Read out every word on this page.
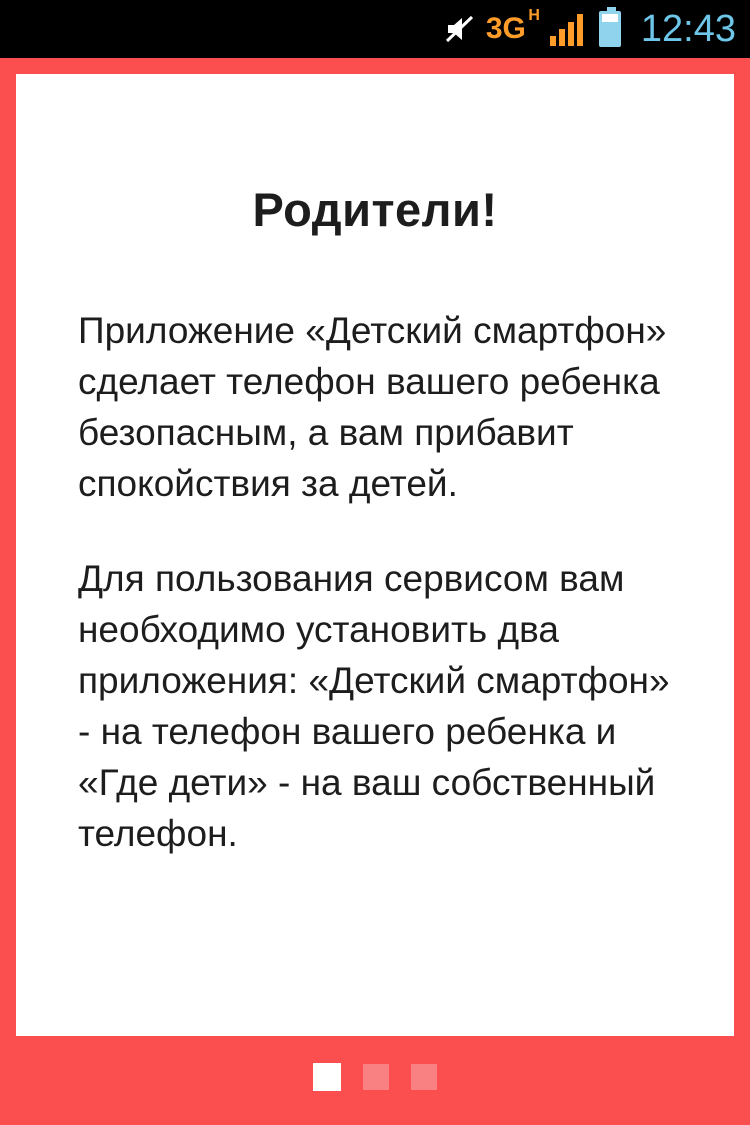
3G H	12:43
Родители!

Приложение «Детский смартфон» сделает телефон вашего ребенка безопасным, а вам прибавит спокойствия за детей.

Для пользования сервисом вам необходимо установить два приложения: «Детский смартфон» - на телефон вашего ребенка и «Где дети» - на ваш собственный телефон.
